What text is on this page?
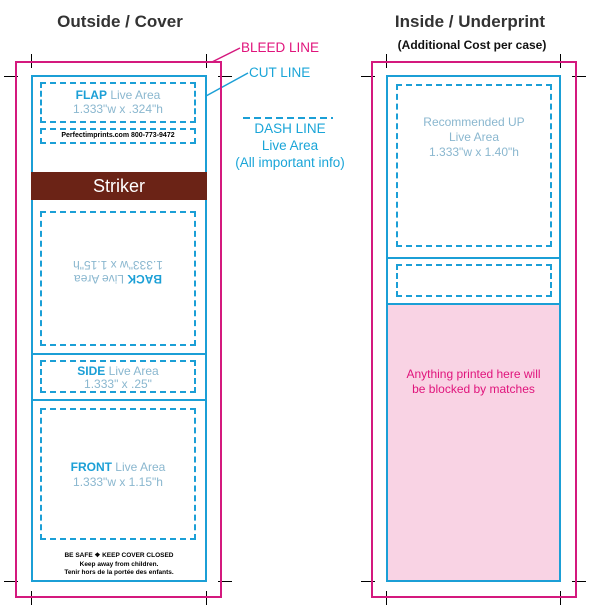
Outside / Cover	Inside / Underprint
(Additional Cost per case)
BLEED LINE
CUT LINE
DASH LINE
Live Area
(All important info)
FLAP Live Area
1.333"w x .324"h
Perfectimprints.com 800-773-9472
Striker
BACK Live Area
1.333"w x 1.15"h
SIDE Live Area
1.333" x .25"
FRONT Live Area
1.333"w x 1.15"h
BE SAFE ❖ KEEP COVER CLOSED
Keep away from children.
Tenir hors de la portée des enfants.
Recommended UP
Live Area
1.333"w x 1.40"h
Anything printed here will
be blocked by matches
